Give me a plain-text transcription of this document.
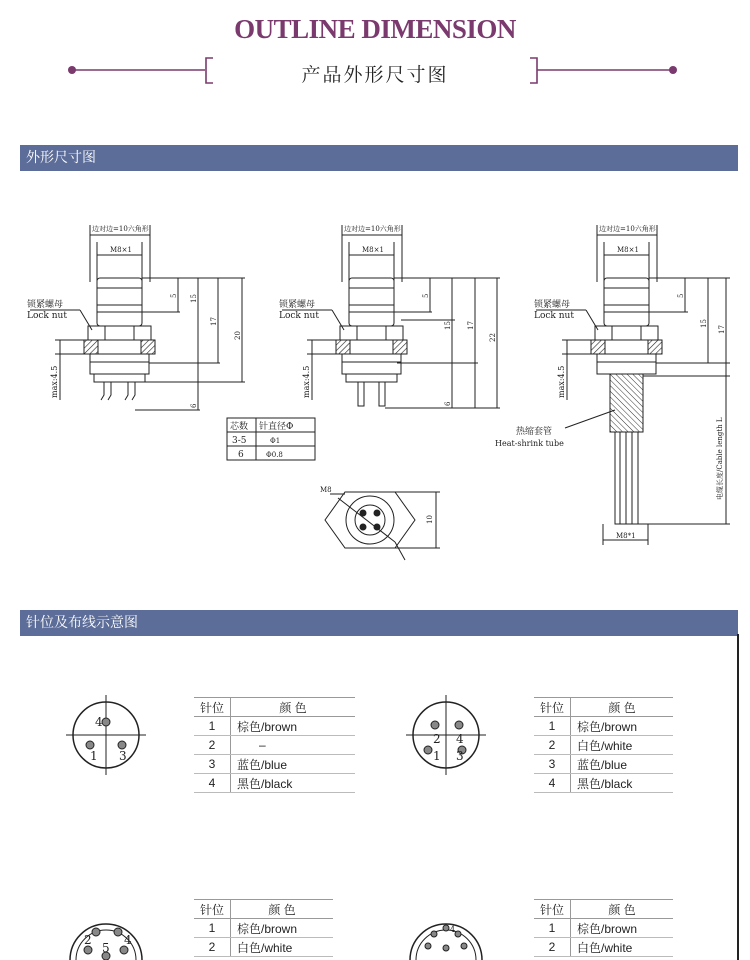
OUTLINE DIMENSION
产品外形尺寸图
外形尺寸图
边对边=10六角形
M8×1
锁紧螺母
Lock nut
max:4.5
5 15
17
20
6
边对边=10六角形
M8×1
锁紧螺母
Lock nut
max:4.5
5
15 17
22
6
芯数 针直径Φ
3-5	Φ1
6	Φ0.8
M8
10
边对边=10六角形
M8×1
锁紧螺母
Lock nut
max:4.5
5
15
17
热缩套管
Heat-shrink tube	电缆长度/Cable length L
M8*1
针位及布线示意图
4
1 3
2 4
1 3
2
5
4
4
针位	颜 色
1	棕色/brown
2	–
3	蓝色/blue
4	黑色/black
针位	颜 色
1	棕色/brown
2	白色/white
3	蓝色/blue
4	黑色/black
针位	颜 色
1	棕色/brown
2	白色/white
针位	颜 色
1	棕色/brown
2	白色/white
